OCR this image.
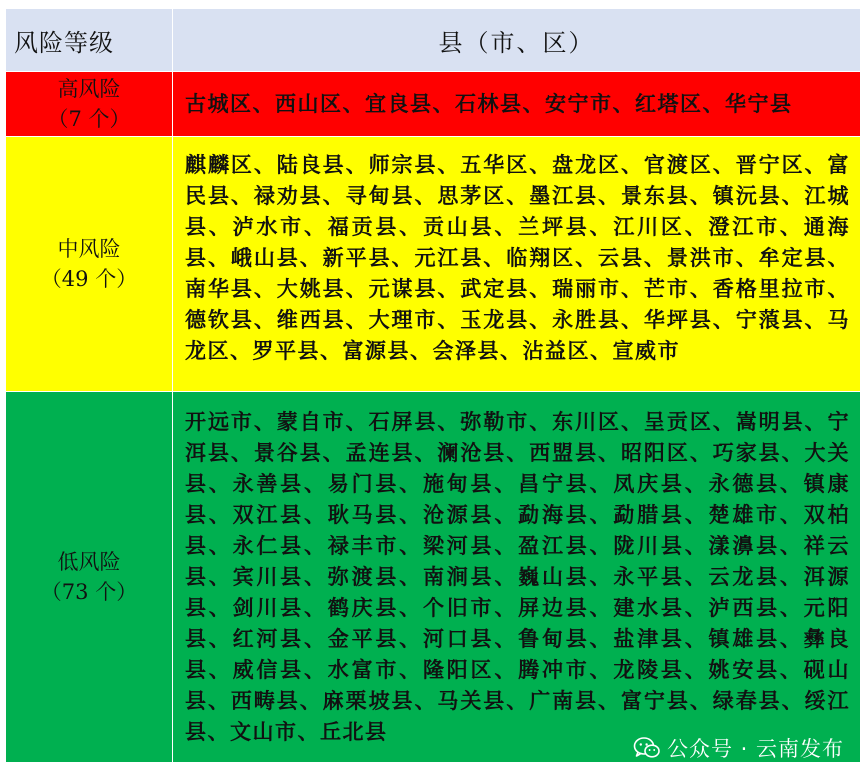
风险等级	县（市、区）

高风险
（7 个）	古城区、西山区、宜良县、石林县、安宁市、红塔区、华宁县

中风险
（49 个）	麒麟区、陆良县、师宗县、五华区、盘龙区、官渡区、晋宁区、富民县、禄劝县、寻甸县、思茅区、墨江县、景东县、镇沅县、江城县、泸水市、福贡县、贡山县、兰坪县、江川区、澄江市、通海县、峨山县、新平县、元江县、临翔区、云县、景洪市、牟定县、南华县、大姚县、元谋县、武定县、瑞丽市、芒市、香格里拉市、德钦县、维西县、大理市、玉龙县、永胜县、华坪县、宁蒗县、马龙区、罗平县、富源县、会泽县、沾益区、宣威市

低风险
（73 个）	开远市、蒙自市、石屏县、弥勒市、东川区、呈贡区、嵩明县、宁洱县、景谷县、孟连县、澜沧县、西盟县、昭阳区、巧家县、大关县、永善县、易门县、施甸县、昌宁县、凤庆县、永德县、镇康县、双江县、耿马县、沧源县、勐海县、勐腊县、楚雄市、双柏县、永仁县、禄丰市、梁河县、盈江县、陇川县、漾濞县、祥云县、宾川县、弥渡县、南涧县、巍山县、永平县、云龙县、洱源县、剑川县、鹤庆县、个旧市、屏边县、建水县、泸西县、元阳县、红河县、金平县、河口县、鲁甸县、盐津县、镇雄县、彝良县、威信县、水富市、隆阳区、腾冲市、龙陵县、姚安县、砚山县、西畴县、麻栗坡县、马关县、广南县、富宁县、绿春县、绥江县、文山市、丘北县
公众号 · 云南发布
